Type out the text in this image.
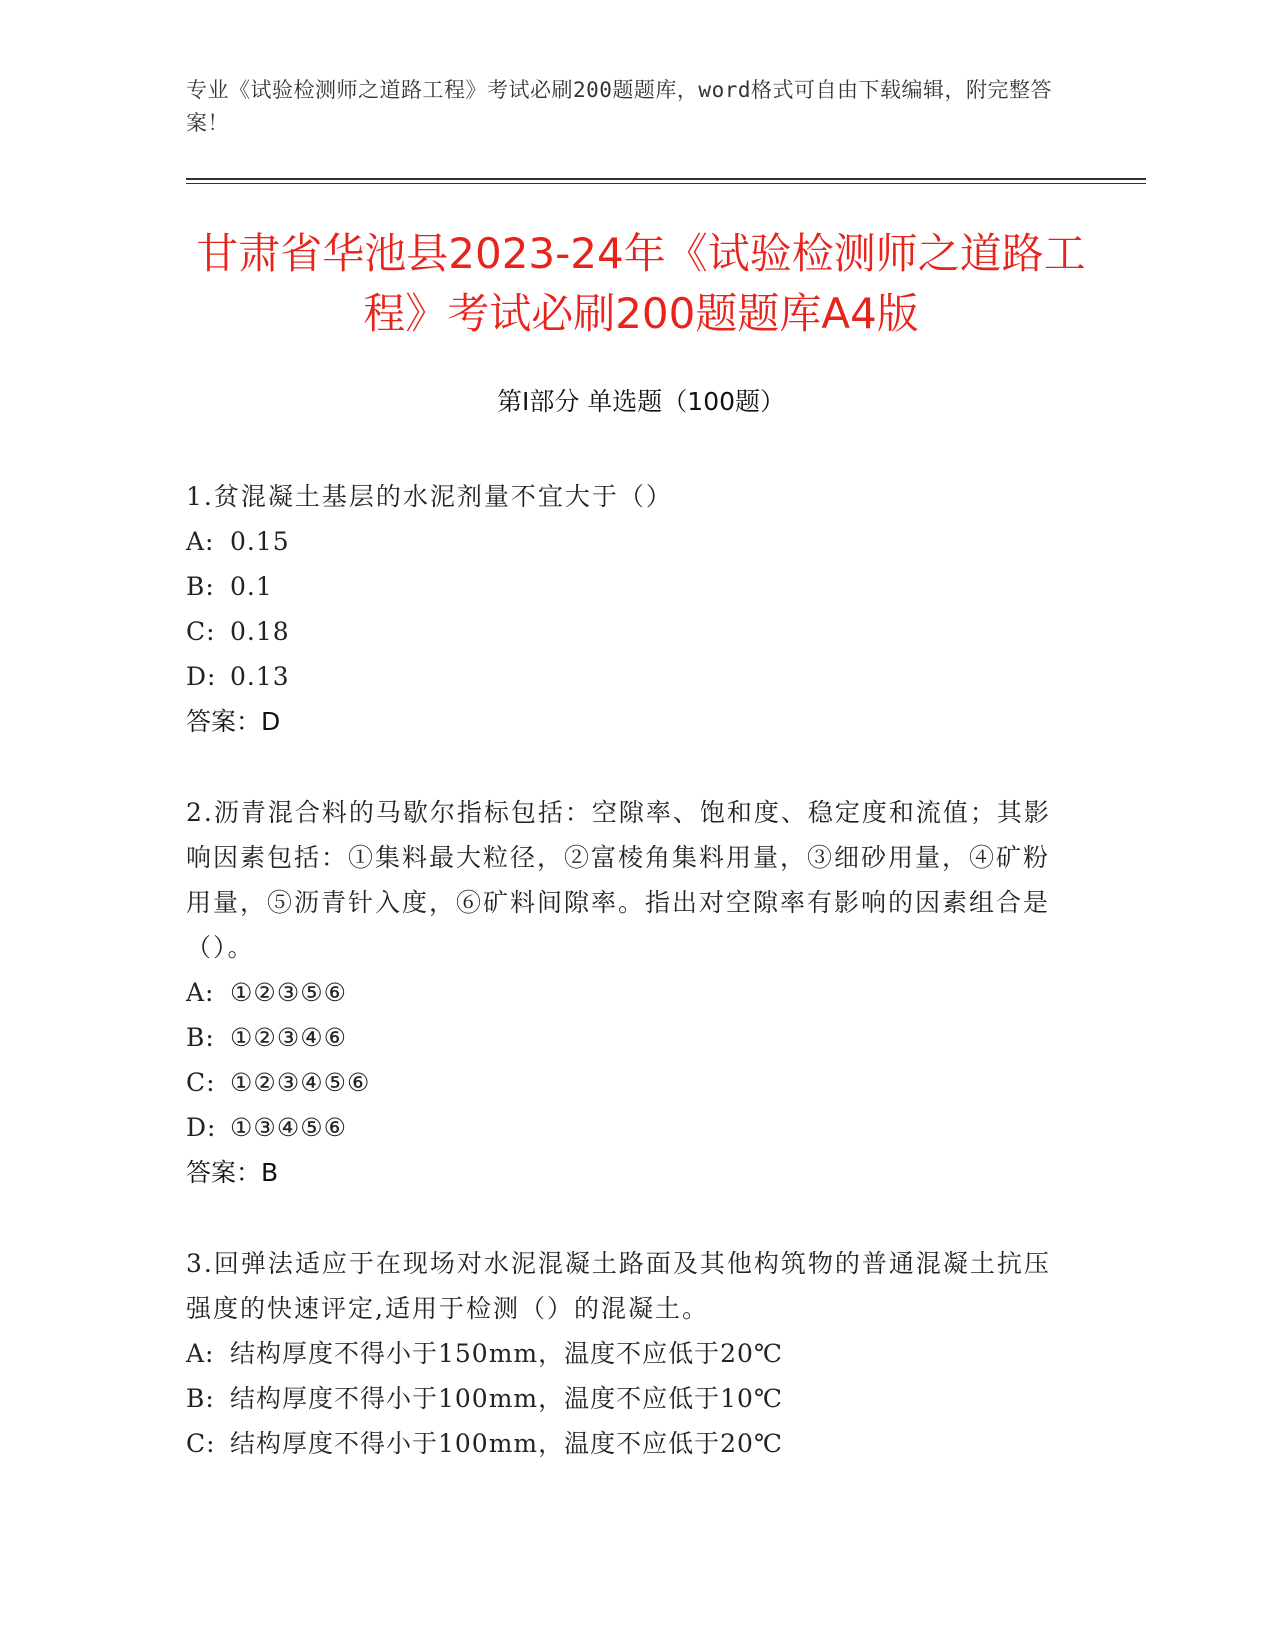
专业《试验检测师之道路工程》考试必刷200题题库，word格式可自由下载编辑，附完整答案！
甘肃省华池县2023-24年《试验检测师之道路工程》考试必刷200题题库A4版
第Ⅰ部分 单选题（100题）

1.贫混凝土基层的水泥剂量不宜大于（）

A: 0.15

B: 0.1

C: 0.18

D: 0.13

答案：D

2.沥青混合料的马歇尔指标包括：空隙率、饱和度、稳定度和流值；其影响因素包括：①集料最大粒径，②富棱角集料用量，③细砂用量，④矿粉用量，⑤沥青针入度，⑥矿料间隙率。指出对空隙率有影响的因素组合是（）。

A: ①②③⑤⑥

B: ①②③④⑥

C: ①②③④⑤⑥

D: ①③④⑤⑥

答案：B

3.回弹法适应于在现场对水泥混凝土路面及其他构筑物的普通混凝土抗压强度的快速评定,适用于检测（）的混凝土。

A: 结构厚度不得小于150mm，温度不应低于20℃

B: 结构厚度不得小于100mm，温度不应低于10℃

C: 结构厚度不得小于100mm，温度不应低于20℃
